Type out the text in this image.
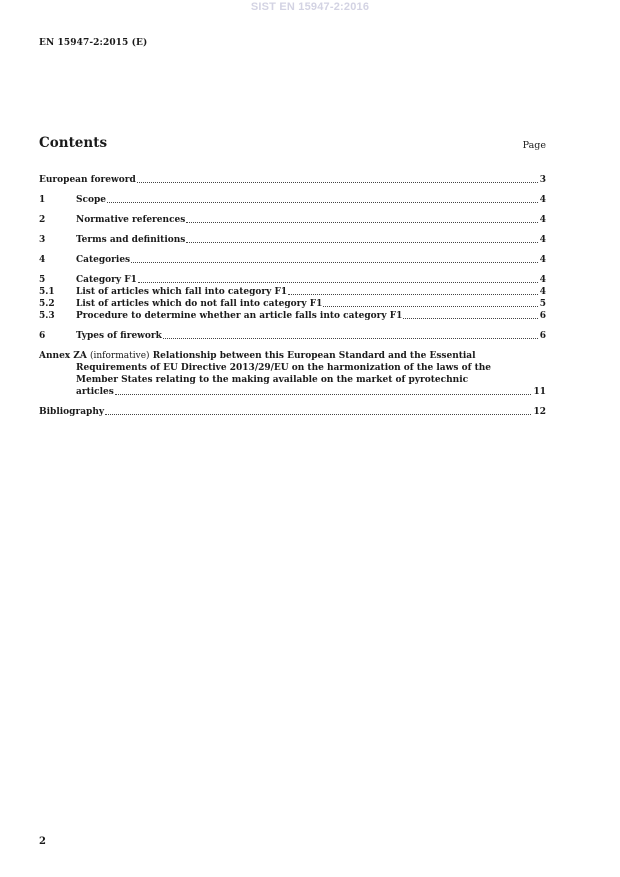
SIST EN 15947-2:2016
EN 15947-2:2015 (E)
Contents	Page
European foreword	3
1	Scope	4
2	Normative references	4
3	Terms and definitions	4
4	Categories	4
5	Category F1	4
5.1	List of articles which fall into category F1	4
5.2	List of articles which do not fall into category F1	5
5.3	Procedure to determine whether an article falls into category F1	6
6	Types of firework	6
Annex ZA (informative) Relationship between this European Standard and the Essential
Requirements of EU Directive 2013/29/EU on the harmonization of the laws of the
Member States relating to the making available on the market of pyrotechnic
articles	11
Bibliography	12
2
